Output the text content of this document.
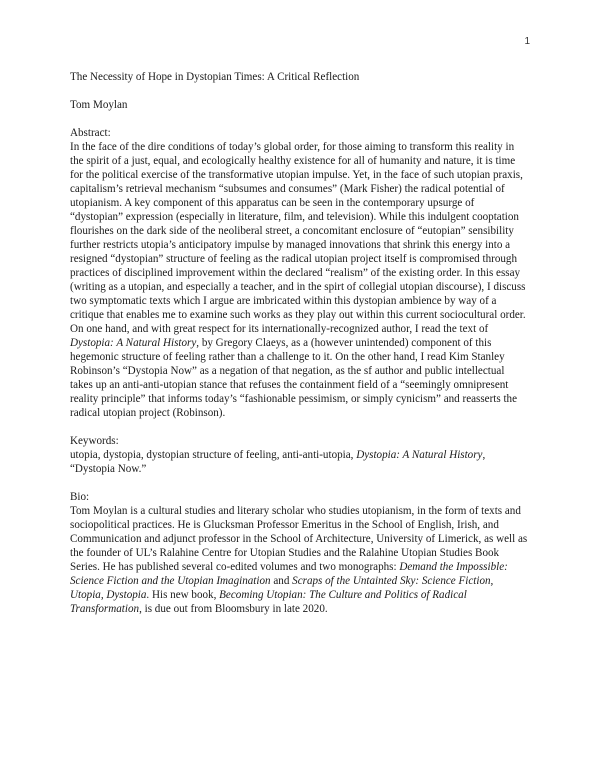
1

The Necessity of Hope in Dystopian Times: A Critical Reflection

Tom Moylan

Abstract:

In the face of the dire conditions of today’s global order, for those aiming to transform this reality in the spirit of a just, equal, and ecologically healthy existence for all of humanity and nature, it is time for the political exercise of the transformative utopian impulse. Yet, in the face of such utopian praxis, capitalism’s retrieval mechanism “subsumes and consumes” (Mark Fisher) the radical potential of utopianism. A key component of this apparatus can be seen in the contemporary upsurge of “dystopian” expression (especially in literature, film, and television). While this indulgent cooptation flourishes on the dark side of the neoliberal street, a concomitant enclosure of “eutopian” sensibility further restricts utopia’s anticipatory impulse by managed innovations that shrink this energy into a resigned “dystopian” structure of feeling as the radical utopian project itself is compromised through practices of disciplined improvement within the declared “realism” of the existing order. In this essay (writing as a utopian, and especially a teacher, and in the spirt of collegial utopian discourse), I discuss two symptomatic texts which I argue are imbricated within this dystopian ambience by way of a critique that enables me to examine such works as they play out within this current sociocultural order. On one hand, and with great respect for its internationally-recognized author, I read the text of Dystopia: A Natural History, by Gregory Claeys, as a (however unintended) component of this hegemonic structure of feeling rather than a challenge to it. On the other hand, I read Kim Stanley Robinson’s “Dystopia Now” as a negation of that negation, as the sf author and public intellectual takes up an anti-anti-utopian stance that refuses the containment field of a “seemingly omnipresent reality principle” that informs today’s “fashionable pessimism, or simply cynicism” and reasserts the radical utopian project (Robinson).

Keywords:

utopia, dystopia, dystopian structure of feeling, anti-anti-utopia, Dystopia: A Natural History, “Dystopia Now.”

Bio:

Tom Moylan is a cultural studies and literary scholar who studies utopianism, in the form of texts and sociopolitical practices. He is Glucksman Professor Emeritus in the School of English, Irish, and Communication and adjunct professor in the School of Architecture, University of Limerick, as well as the founder of UL’s Ralahine Centre for Utopian Studies and the Ralahine Utopian Studies Book Series. He has published several co-edited volumes and two monographs: Demand the Impossible: Science Fiction and the Utopian Imagination and Scraps of the Untainted Sky: Science Fiction, Utopia, Dystopia. His new book, Becoming Utopian: The Culture and Politics of Radical Transformation, is due out from Bloomsbury in late 2020.
